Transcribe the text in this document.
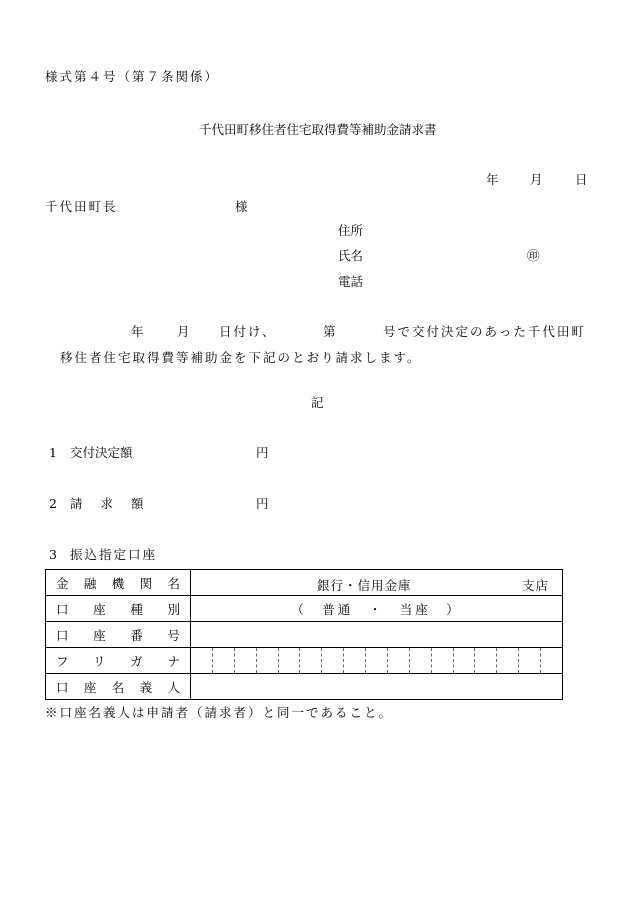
様式第４号（第７条関係）
千代田町移住者住宅取得費等補助金請求書
年	月	日
千代田町長	様
住所
氏名	㊞
電話
年	月 日付け、	第	号で交付決定のあった千代田町
移住者住宅取得費等補助金を下記のとおり請求します。
記
1 交付決定額	円
2 請 求 額	円
3 振込指定口座
金融機関名	銀行・信用金庫 支店

口座種別	（　普通　・　当座　）
口座番号	
フリガナ	

口座名義人	
※口座名義人は申請者（請求者）と同一であること。
